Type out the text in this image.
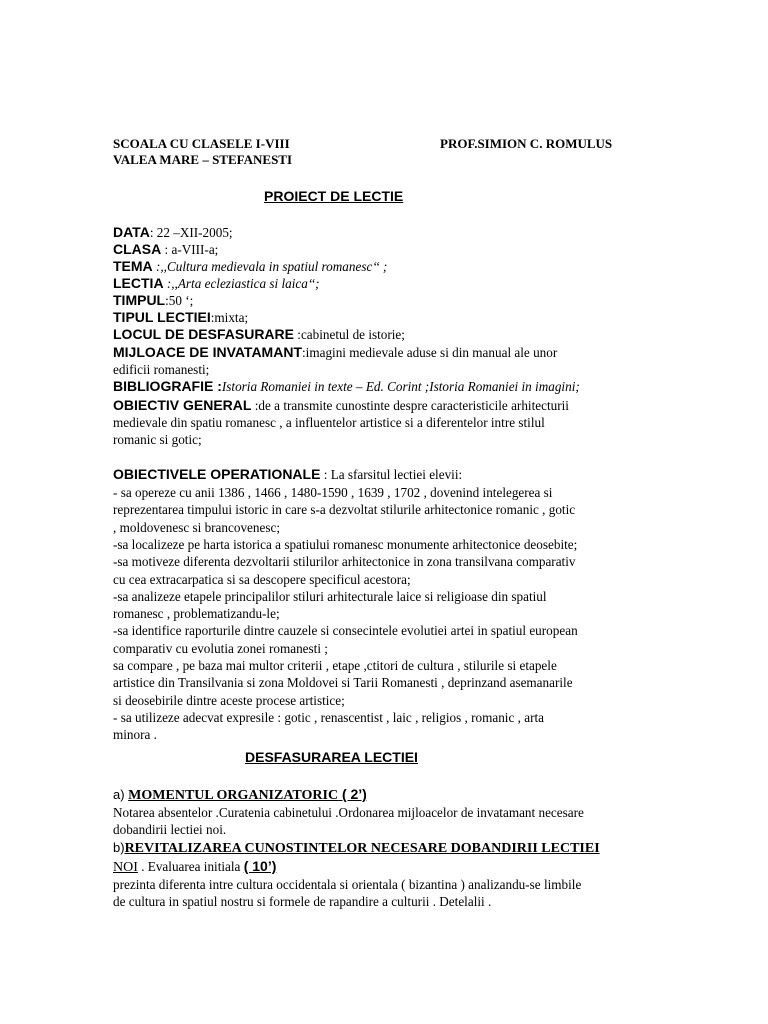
SCOALA CU CLASELE I-VIII
VALEA MARE – STEFANESTI
PROF.SIMION C. ROMULUS
PROIECT DE LECTIE
DATA: 22 –XII-2005;
CLASA : a-VIII-a;
TEMA :,,Cultura medievala in spatiul romanesc‘‘ ;
LECTIA :,,Arta ecleziastica si laica‘‘;
TIMPUL:50 ‘;
TIPUL LECTIEI:mixta;
LOCUL DE DESFASURARE :cabinetul de istorie;
MIJLOACE DE INVATAMANT:imagini medievale aduse si din manual ale unor
edificii romanesti;
BIBLIOGRAFIE :Istoria Romaniei in texte – Ed. Corint ;Istoria Romaniei in imagini;
OBIECTIV GENERAL :de a transmite cunostinte despre caracteristicile arhitecturii
medievale din spatiu romanesc , a influentelor artistice si a diferentelor intre stilul
romanic si gotic;
OBIECTIVELE OPERATIONALE : La sfarsitul lectiei elevii:
- sa opereze cu anii 1386 , 1466 , 1480-1590 , 1639 , 1702 , dovenind intelegerea si
reprezentarea timpului istoric in care s-a dezvoltat stilurile arhitectonice romanic , gotic
, moldovenesc si brancovenesc;
-sa localizeze pe harta istorica a spatiului romanesc monumente arhitectonice deosebite;
-sa motiveze diferenta dezvoltarii stilurilor arhitectonice in zona transilvana comparativ
cu cea extracarpatica si sa descopere specificul acestora;
-sa analizeze etapele principalilor stiluri arhitecturale laice si religioase din spatiul
romanesc , problematizandu-le;
-sa identifice raporturile dintre cauzele si consecintele evolutiei artei in spatiul european
comparativ cu evolutia zonei romanesti ;
sa compare , pe baza mai multor criterii , etape ,ctitori de cultura , stilurile si etapele
artistice din Transilvania si zona Moldovei si Tarii Romanesti , deprinzand asemanarile
si deosebirile dintre aceste procese artistice;
- sa utilizeze adecvat expresile : gotic , renascentist , laic , religios , romanic , arta
minora .
DESFASURAREA LECTIEI
a) MOMENTUL ORGANIZATORIC ( 2’)
Notarea absentelor .Curatenia cabinetului .Ordonarea mijloacelor de invatamant necesare
dobandirii lectiei noi.
b)REVITALIZAREA CUNOSTINTELOR NECESARE DOBANDIRII LECTIEI
NOI . Evaluarea initiala ( 10’)
prezinta diferenta intre cultura occidentala si orientala ( bizantina ) analizandu-se limbile
de cultura in spatiul nostru si formele de rapandire a culturii . Detelalii .
